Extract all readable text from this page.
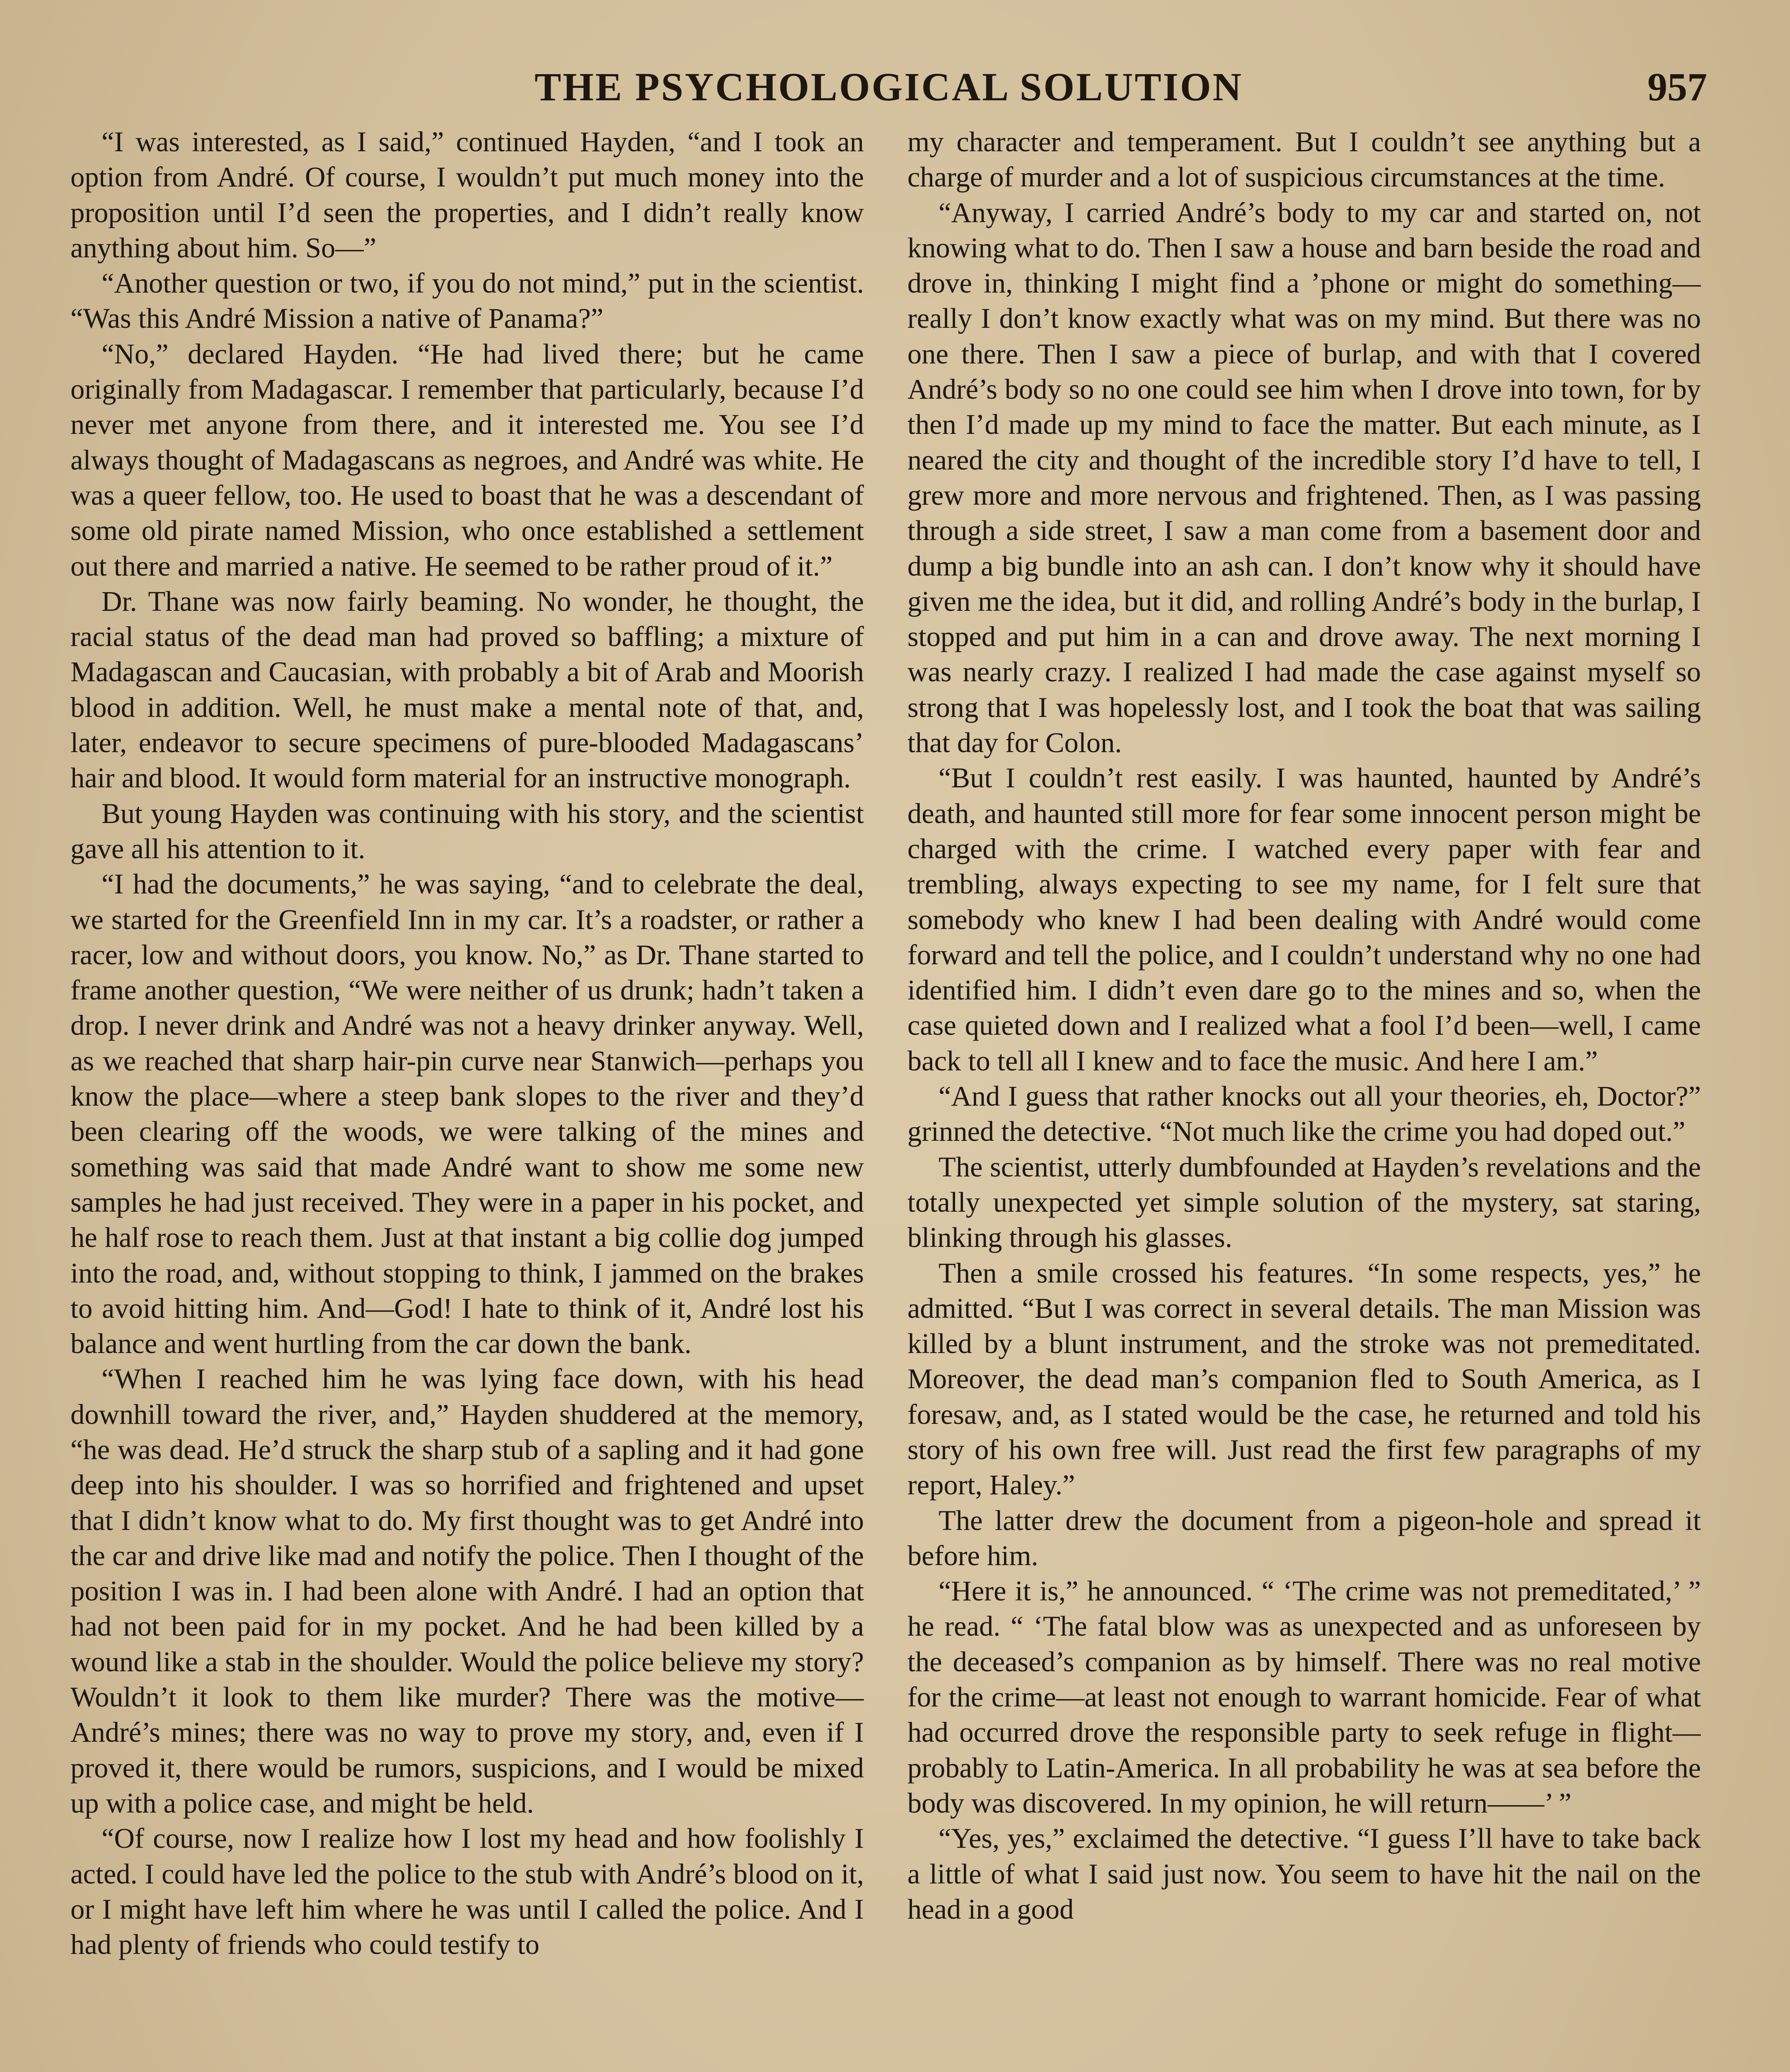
THE PSYCHOLOGICAL SOLUTION	957

“I was interested, as I said,” continued Hayden, “and I took an option from André. Of course, I wouldn’t put much money into the proposition until I’d seen the properties, and I didn’t really know anything about him. So—”

“Another question or two, if you do not mind,” put in the scientist. “Was this André Mission a native of Panama?”

“No,” declared Hayden. “He had lived there; but he came originally from Madagascar. I remember that particularly, because I’d never met anyone from there, and it interested me. You see I’d always thought of Madagascans as negroes, and André was white. He was a queer fellow, too. He used to boast that he was a descendant of some old pirate named Mission, who once established a settlement out there and married a native. He seemed to be rather proud of it.”

Dr. Thane was now fairly beaming. No wonder, he thought, the racial status of the dead man had proved so baffling; a mixture of Madagascan and Caucasian, with probably a bit of Arab and Moorish blood in addition. Well, he must make a mental note of that, and, later, endeavor to secure specimens of pure-blooded Madagascans’ hair and blood. It would form material for an instructive monograph.

But young Hayden was continuing with his story, and the scientist gave all his attention to it.

“I had the documents,” he was saying, “and to celebrate the deal, we started for the Greenfield Inn in my car. It’s a roadster, or rather a racer, low and without doors, you know. No,” as Dr. Thane started to frame another question, “We were neither of us drunk; hadn’t taken a drop. I never drink and André was not a heavy drinker anyway. Well, as we reached that sharp hair-pin curve near Stanwich—perhaps you know the place—where a steep bank slopes to the river and they’d been clearing off the woods, we were talking of the mines and something was said that made André want to show me some new samples he had just received. They were in a paper in his pocket, and he half rose to reach them. Just at that instant a big collie dog jumped into the road, and, without stopping to think, I jammed on the brakes to avoid hitting him. And—God! I hate to think of it, André lost his balance and went hurtling from the car down the bank.

“When I reached him he was lying face down, with his head downhill toward the river, and,” Hayden shuddered at the memory, “he was dead. He’d struck the sharp stub of a sapling and it had gone deep into his shoulder. I was so horrified and frightened and upset that I didn’t know what to do. My first thought was to get André into the car and drive like mad and notify the police. Then I thought of the position I was in. I had been alone with André. I had an option that had not been paid for in my pocket. And he had been killed by a wound like a stab in the shoulder. Would the police believe my story? Wouldn’t it look to them like murder? There was the motive—André’s mines; there was no way to prove my story, and, even if I proved it, there would be rumors, suspicions, and I would be mixed up with a police case, and might be held.

“Of course, now I realize how I lost my head and how foolishly I acted. I could have led the police to the stub with André’s blood on it, or I might have left him where he was until I called the police. And I had plenty of friends who could testify to

my character and temperament. But I couldn’t see anything but a charge of murder and a lot of suspicious circumstances at the time.

“Anyway, I carried André’s body to my car and started on, not knowing what to do. Then I saw a house and barn beside the road and drove in, thinking I might find a ’phone or might do something—really I don’t know exactly what was on my mind. But there was no one there. Then I saw a piece of burlap, and with that I covered André’s body so no one could see him when I drove into town, for by then I’d made up my mind to face the matter. But each minute, as I neared the city and thought of the incredible story I’d have to tell, I grew more and more nervous and frightened. Then, as I was passing through a side street, I saw a man come from a basement door and dump a big bundle into an ash can. I don’t know why it should have given me the idea, but it did, and rolling André’s body in the burlap, I stopped and put him in a can and drove away. The next morning I was nearly crazy. I realized I had made the case against myself so strong that I was hopelessly lost, and I took the boat that was sailing that day for Colon.

“But I couldn’t rest easily. I was haunted, haunted by André’s death, and haunted still more for fear some innocent person might be charged with the crime. I watched every paper with fear and trembling, always expecting to see my name, for I felt sure that somebody who knew I had been dealing with André would come forward and tell the police, and I couldn’t understand why no one had identified him. I didn’t even dare go to the mines and so, when the case quieted down and I realized what a fool I’d been—well, I came back to tell all I knew and to face the music. And here I am.”

“And I guess that rather knocks out all your theories, eh, Doctor?” grinned the detective. “Not much like the crime you had doped out.”

The scientist, utterly dumbfounded at Hayden’s revelations and the totally unexpected yet simple solution of the mystery, sat staring, blinking through his glasses.

Then a smile crossed his features. “In some respects, yes,” he admitted. “But I was correct in several details. The man Mission was killed by a blunt instrument, and the stroke was not premeditated. Moreover, the dead man’s companion fled to South America, as I foresaw, and, as I stated would be the case, he returned and told his story of his own free will. Just read the first few paragraphs of my report, Haley.”

The latter drew the document from a pigeon-hole and spread it before him.

“Here it is,” he announced. “ ‘The crime was not premeditated,’ ” he read. “ ‘The fatal blow was as unexpected and as unforeseen by the deceased’s companion as by himself. There was no real motive for the crime—at least not enough to warrant homicide. Fear of what had occurred drove the responsible party to seek refuge in flight—probably to Latin-America. In all probability he was at sea before the body was discovered. In my opinion, he will return——’ ”

“Yes, yes,” exclaimed the detective. “I guess I’ll have to take back a little of what I said just now. You seem to have hit the nail on the head in a good
